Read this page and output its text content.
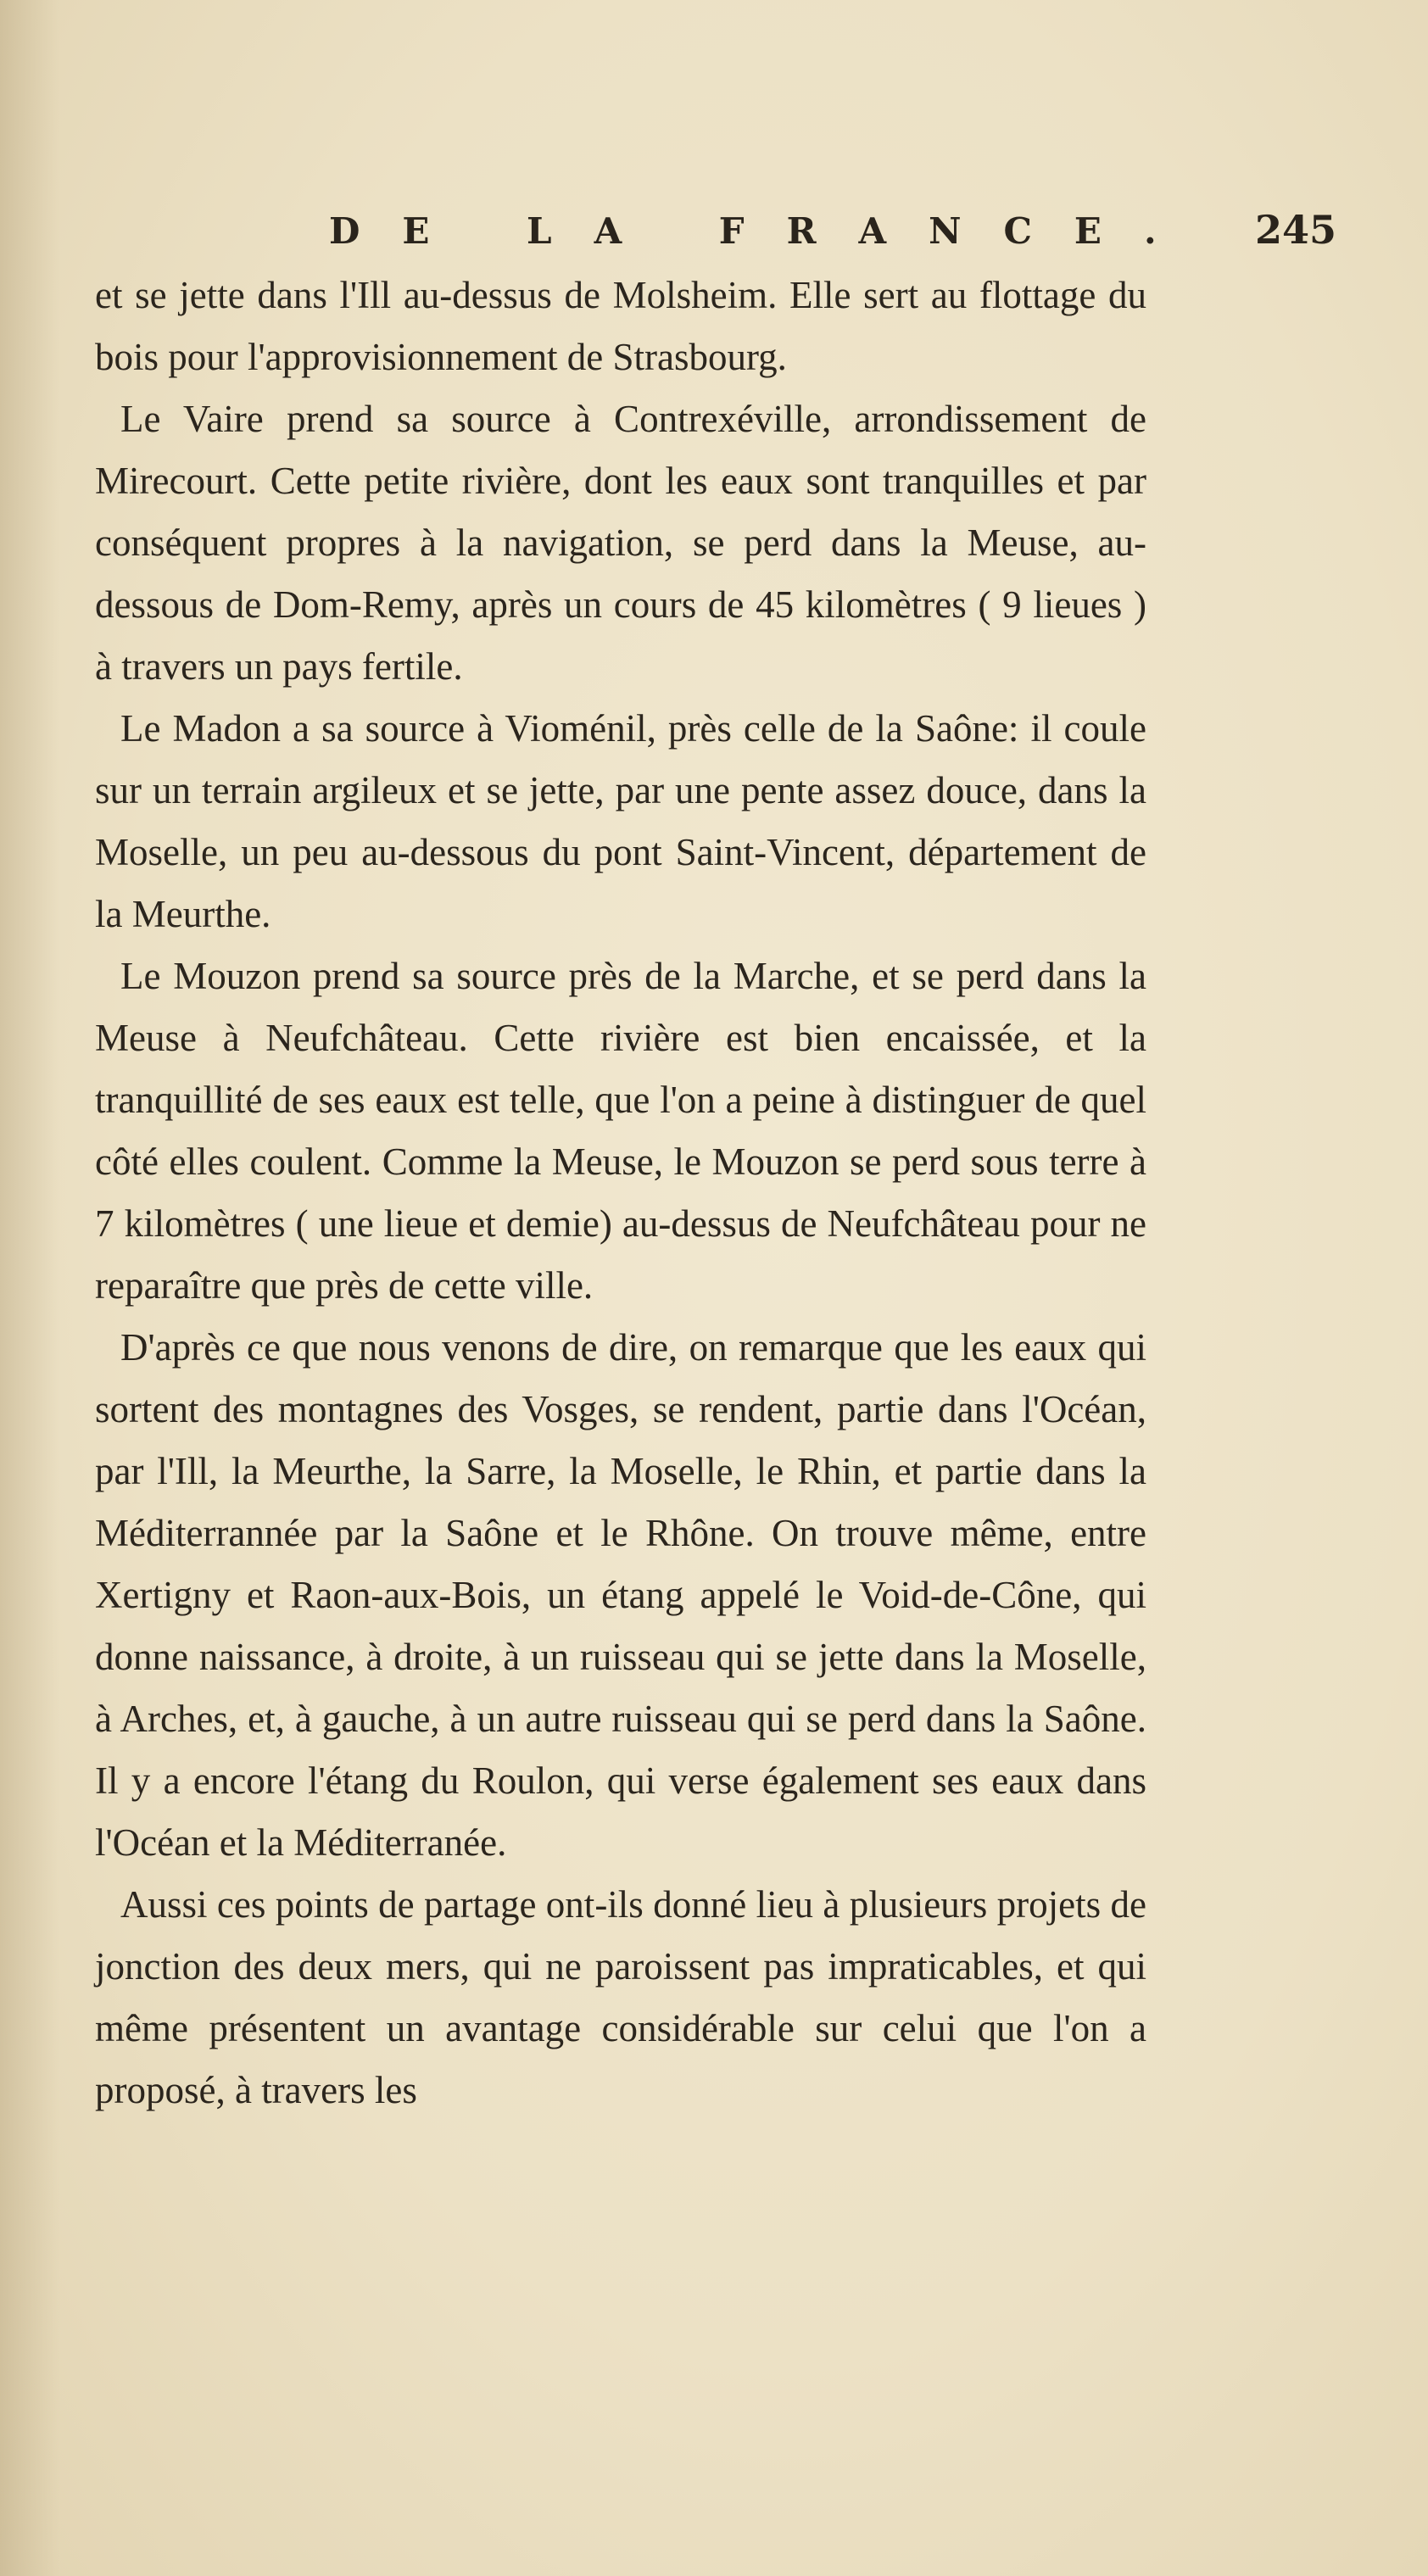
DE LA FRANCE. 245

et se jette dans l'Ill au-dessus de Molsheim. Elle sert au flottage du bois pour l'approvisionnement de Strasbourg.

Le Vaire prend sa source à Contrexéville, arrondissement de Mirecourt. Cette petite rivière, dont les eaux sont tranquilles et par conséquent propres à la navigation, se perd dans la Meuse, au-dessous de Dom-Remy, après un cours de 45 kilomètres ( 9 lieues ) à travers un pays fertile.

Le Madon a sa source à Vioménil, près celle de la Saône: il coule sur un terrain argileux et se jette, par une pente assez douce, dans la Moselle, un peu au-dessous du pont Saint-Vincent, département de la Meurthe.

Le Mouzon prend sa source près de la Marche, et se perd dans la Meuse à Neufchâteau. Cette rivière est bien encaissée, et la tranquillité de ses eaux est telle, que l'on a peine à distinguer de quel côté elles coulent. Comme la Meuse, le Mouzon se perd sous terre à 7 kilomètres ( une lieue et demie) au-dessus de Neufchâteau pour ne reparaître que près de cette ville.

D'après ce que nous venons de dire, on remarque que les eaux qui sortent des montagnes des Vosges, se rendent, partie dans l'Océan, par l'Ill, la Meurthe, la Sarre, la Moselle, le Rhin, et partie dans la Méditerrannée par la Saône et le Rhône. On trouve même, entre Xertigny et Raon-aux-Bois, un étang appelé le Void-de-Cône, qui donne naissance, à droite, à un ruisseau qui se jette dans la Moselle, à Arches, et, à gauche, à un autre ruisseau qui se perd dans la Saône. Il y a encore l'étang du Roulon, qui verse également ses eaux dans l'Océan et la Méditerranée.

Aussi ces points de partage ont-ils donné lieu à plusieurs projets de jonction des deux mers, qui ne paroissent pas impraticables, et qui même présentent un avantage considérable sur celui que l'on a proposé, à travers les
